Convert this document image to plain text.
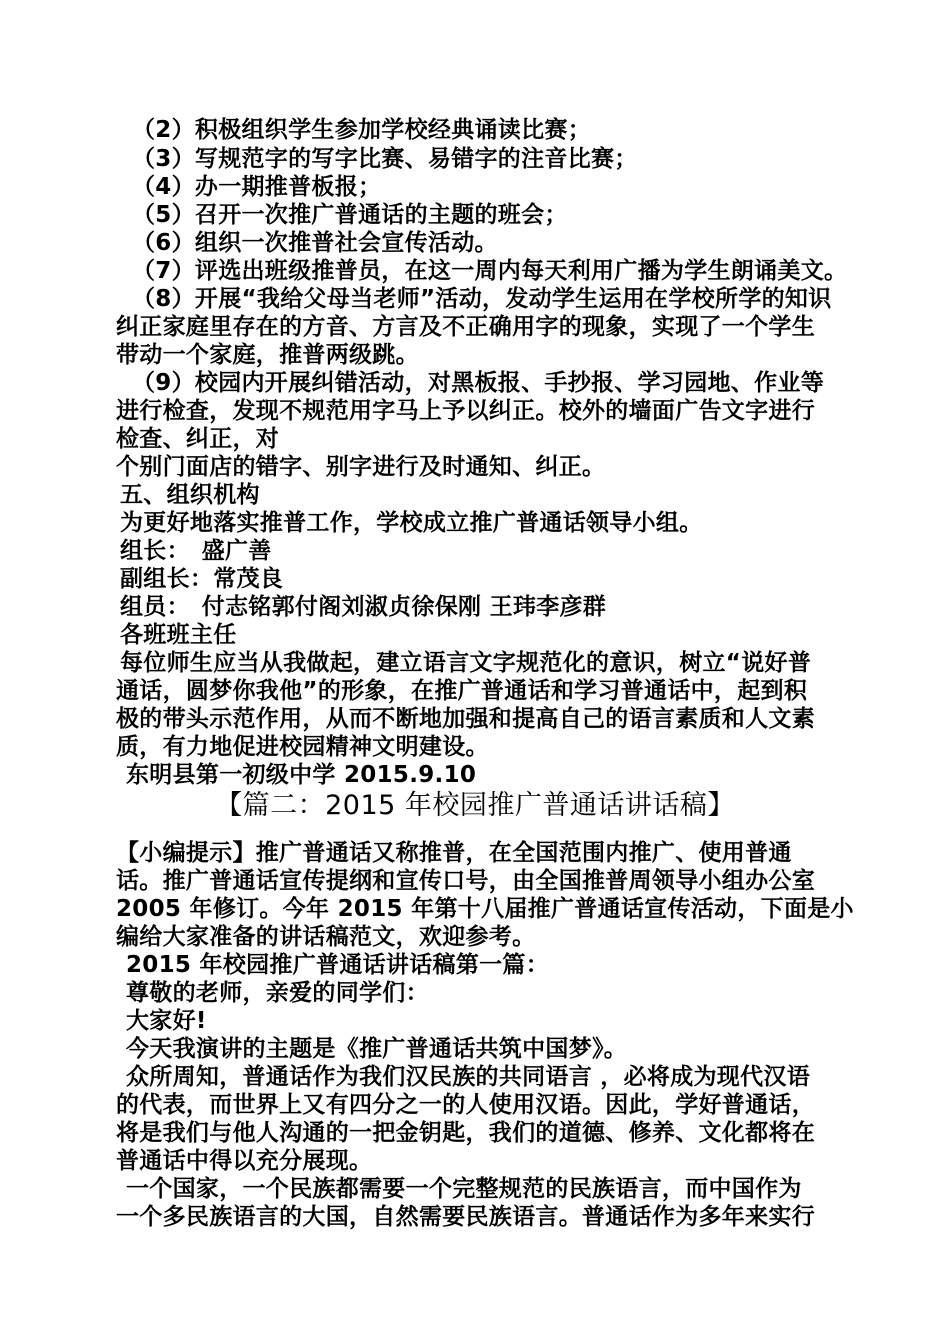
（2）积极组织学生参加学校经典诵读比赛；
（3）写规范字的写字比赛、易错字的注音比赛；
（4）办一期推普板报；
（5）召开一次推广普通话的主题的班会；
（6）组织一次推普社会宣传活动。
（7）评选出班级推普员，在这一周内每天利用广播为学生朗诵美文。
（8）开展“我给父母当老师”活动，发动学生运用在学校所学的知识
纠正家庭里存在的方音、方言及不正确用字的现象，实现了一个学生
带动一个家庭，推普两级跳。
（9）校园内开展纠错活动，对黑板报、手抄报、学习园地、作业等
进行检查，发现不规范用字马上予以纠正。校外的墙面广告文字进行
检查、纠正，对
个别门面店的错字、别字进行及时通知、纠正。
五、组织机构
为更好地落实推普工作，学校成立推广普通话领导小组。
组长：　盛广善
副组长：常茂良
组员：　付志铭郭付阁刘淑贞徐保刚 王玮李彦群
各班班主任
每位师生应当从我做起，建立语言文字规范化的意识，树立“说好普
通话，圆梦你我他”的形象，在推广普通话和学习普通话中，起到积
极的带头示范作用，从而不断地加强和提高自己的语言素质和人文素
质，有力地促进校园精神文明建设。
东明县第一初级中学 2015.9.10
【篇二：2015 年校园推广普通话讲话稿】
【小编提示】推广普通话又称推普，在全国范围内推广、使用普通
话。推广普通话宣传提纲和宣传口号，由全国推普周领导小组办公室
2005 年修订。今年 2015 年第十八届推广普通话宣传活动，下面是小
编给大家准备的讲话稿范文，欢迎参考。
2015 年校园推广普通话讲话稿第一篇：
尊敬的老师，亲爱的同学们：
大家好!
今天我演讲的主题是《推广普通话共筑中国梦》。
众所周知，普通话作为我们汉民族的共同语言 ，必将成为现代汉语
的代表，而世界上又有四分之一的人使用汉语。因此，学好普通话，
将是我们与他人沟通的一把金钥匙，我们的道德、修养、文化都将在
普通话中得以充分展现。
一个国家，一个民族都需要一个完整规范的民族语言，而中国作为
一个多民族语言的大国，自然需要民族语言。普通话作为多年来实行
